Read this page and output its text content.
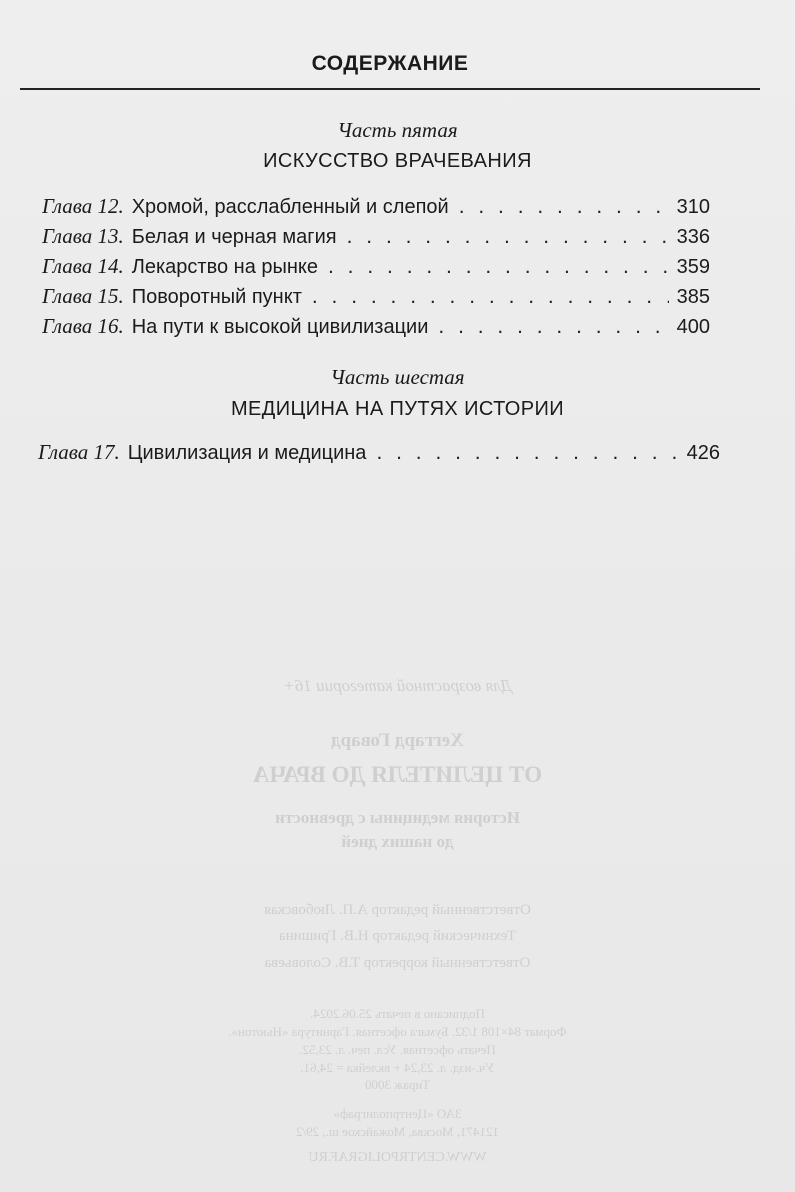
СОДЕРЖАНИЕ
Часть пятая
ИСКУССТВО ВРАЧЕВАНИЯ
Глава 12. Хромой, расслабленный и слепой . . .	310
Глава 13. Белая и черная магия . . .	336
Глава 14. Лекарство на рынке . . .	359
Глава 15. Поворотный пункт . . .	385
Глава 16. На пути к высокой цивилизации . . .	400
Часть шестая
МЕДИЦИНА НА ПУТЯХ ИСТОРИИ
Глава 17. Цивилизация и медицина . . .	426
Для возрастной категории 16+
Хеггард Говард
ОТ ЦЕЛИТЕЛЯ ДО ВРАЧА
История медицины с древности
до наших дней
Ответственный редактор А.П. Любовская
Технический редактор Н.В. Гришина
Ответственный корректор Т.В. Соловьева
Подписано в печать 25.06.2024.
Формат 84×108 1/32. Бумага офсетная. Гарнитура «Ньютон».
Печать офсетная. Усл. печ. л. 23,52.
Уч.-изд. л. 23,24 + вклейка = 24,61.
Тираж 3000
ЗАО «Центрполиграф»
121471, Москва, Можайское ш., 29/2
WWW.CENTRPOLIGRAF.RU
